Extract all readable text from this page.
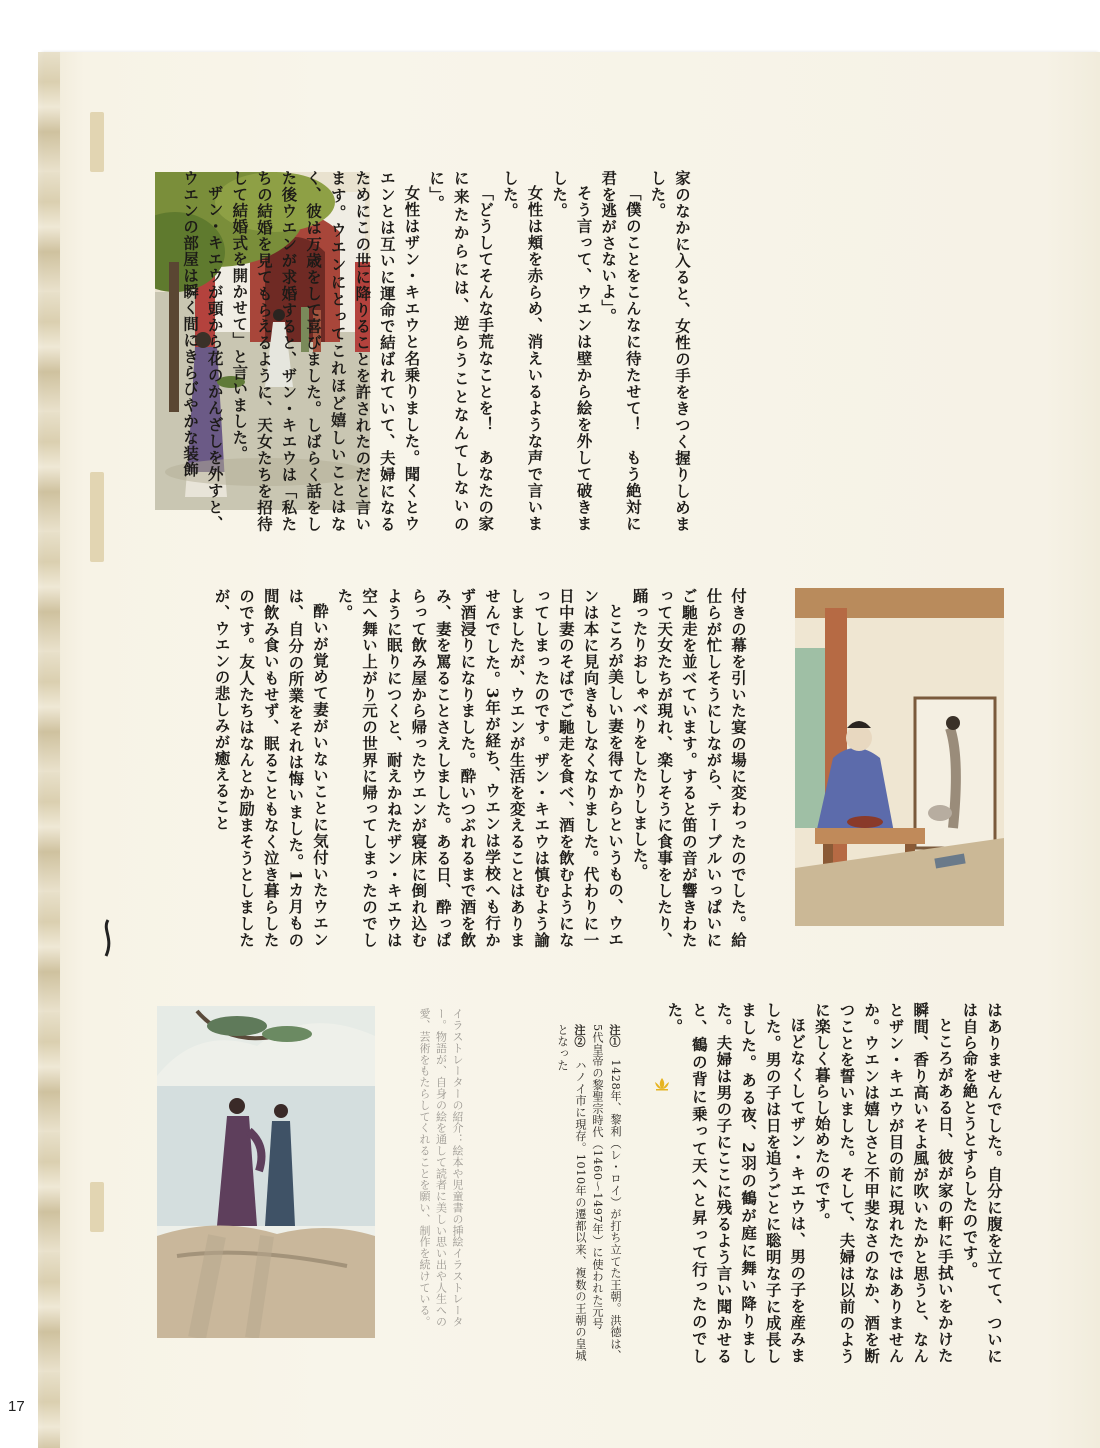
家のなかに入ると、女性の手をきつく握りしめました。

「僕のことをこんなに待たせて！　もう絶対に君を逃がさないよ」。

そう言って、ウエンは壁から絵を外して破きました。

女性は頬を赤らめ、消えいるような声で言いました。

「どうしてそんな手荒なことを！　あなたの家に来たからには、逆らうことなんてしないのに」。

女性はザン・キエウと名乗りました。聞くとウエンとは互いに運命で結ばれていて、夫婦になるためにこの世に降りることを許されたのだと言います。ウエンにとってこれほど嬉しいことはなく、彼は万歳をして喜びました。しばらく話をした後ウエンが求婚すると、ザン・キエウは「私たちの結婚を見てもらえるように、天女たちを招待して結婚式を開かせて」と言いました。

ザン・キエウが頭から花のかんざしを外すと、ウエンの部屋は瞬く間にきらびやかな装飾

付きの幕を引いた宴の場に変わったのでした。給仕らが忙しそうにしながら、テーブルいっぱいにご馳走を並べています。すると笛の音が響きわたって天女たちが現れ、楽しそうに食事をしたり、踊ったりおしゃべりをしたりしました。

ところが美しい妻を得てからというもの、ウエンは本に見向きもしなくなりました。代わりに一日中妻のそばでご馳走を食べ、酒を飲むようになってしまったのです。ザン・キエウは慎むよう諭しましたが、ウエンが生活を変えることはありませんでした。3年が経ち、ウエンは学校へも行かず酒浸りになりました。酔いつぶれるまで酒を飲み、妻を罵ることさえしました。ある日、酔っぱらって飲み屋から帰ったウエンが寝床に倒れ込むように眠りにつくと、耐えかねたザン・キエウは空へ舞い上がり元の世界に帰ってしまったのでした。

酔いが覚めて妻がいないことに気付いたウエンは、自分の所業をそれは悔いました。1カ月もの間飲み食いもせず、眠ることもなく泣き暮らしたのです。友人たちはなんとか励まそうとしましたが、ウエンの悲しみが癒えること

はありませんでした。自分に腹を立てて、ついには自ら命を絶とうとすらしたのです。

ところがある日、彼が家の軒に手拭いをかけた瞬間、香り高いそよ風が吹いたかと思うと、なんとザン・キエウが目の前に現れたではありませんか。ウエンは嬉しさと不甲斐なさのなか、酒を断つことを誓いました。そして、夫婦は以前のように楽しく暮らし始めたのです。

ほどなくしてザン・キエウは、男の子を産みました。男の子は日を追うごとに聡明な子に成長しました。ある夜、2羽の鶴が庭に舞い降りました。夫婦は男の子にここに残るよう言い聞かせると、鶴の背に乗って天へと昇って行ったのでした。

注①　1428年、黎利（レ・ロイ）が打ち立てた王朝。洪徳は、5代皇帝の黎聖宗時代（1460～1497年）に使われた元号

注②　ハノイ市に現存。1010年の遷都以来、複数の王朝の皇城となった

イラストレーターの紹介：絵本や児童書の挿絵イラストレーター。物語が、自身の絵を通して読者に美しい思い出や人生への愛、芸術をもたらしてくれることを願い、制作を続けている。
17
